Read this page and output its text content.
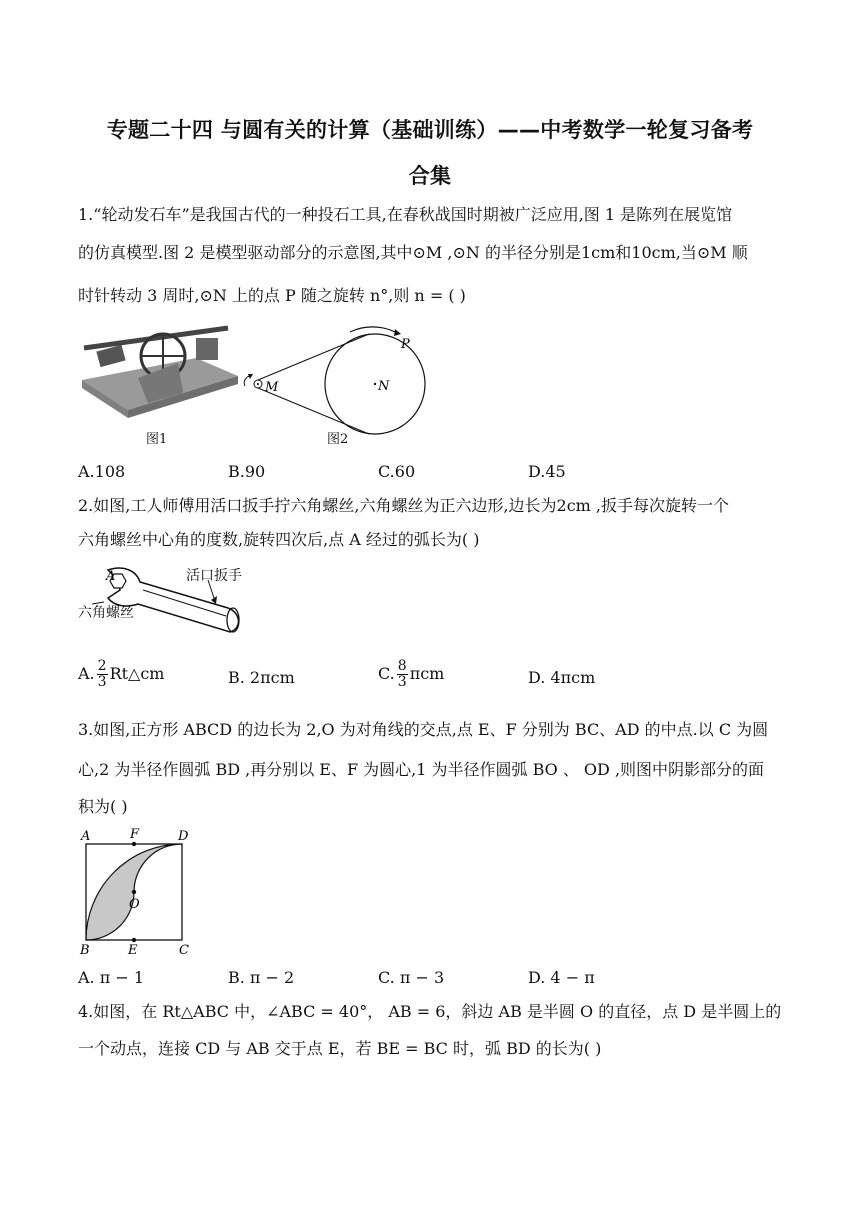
专题二十四 与圆有关的计算（基础训练）——中考数学一轮复习备考
合集
1.“轮动发石车”是我国古代的一种投石工具,在春秋战国时期被广泛应用,图 1 是陈列在展览馆
的仿真模型.图 2 是模型驱动部分的示意图,其中⊙M ,⊙N 的半径分别是1cm和10cm,当⊙M 顺
时针转动 3 周时,⊙N 上的点 P 随之旋转 n°,则 n = ( )
图1
M	N
P
图2
A.108	B.90	C.60	D.45
2.如图,工人师傅用活口扳手拧六角螺丝,六角螺丝为正六边形,边长为2cm ,扳手每次旋转一个
六角螺丝中心角的度数,旋转四次后,点 A 经过的弧长为( )
A	活口扳手
六角螺丝
A. $\frac{2}{3}$ Rt△cm	B. 2πcm	C. $\frac{8}{3}$ πcm	D. 4πcm
3.如图,正方形 ABCD 的边长为 2,O 为对角线的交点,点 E、F 分别为 BC、AD 的中点.以 C 为圆
心,2 为半径作圆弧 BD ,再分别以 E、F 为圆心,1 为半径作圆弧 BO 、 OD ,则图中阴影部分的面
积为( )
A	F	D
O
B	E	C
A. π − 1	B. π − 2	C. π − 3	D. 4 − π
4.如图，在 Rt△ABC 中，∠ABC = 40°， AB = 6，斜边 AB 是半圆 O 的直径，点 D 是半圆上的
一个动点，连接 CD 与 AB 交于点 E，若 BE = BC 时，弧 BD 的长为( )
